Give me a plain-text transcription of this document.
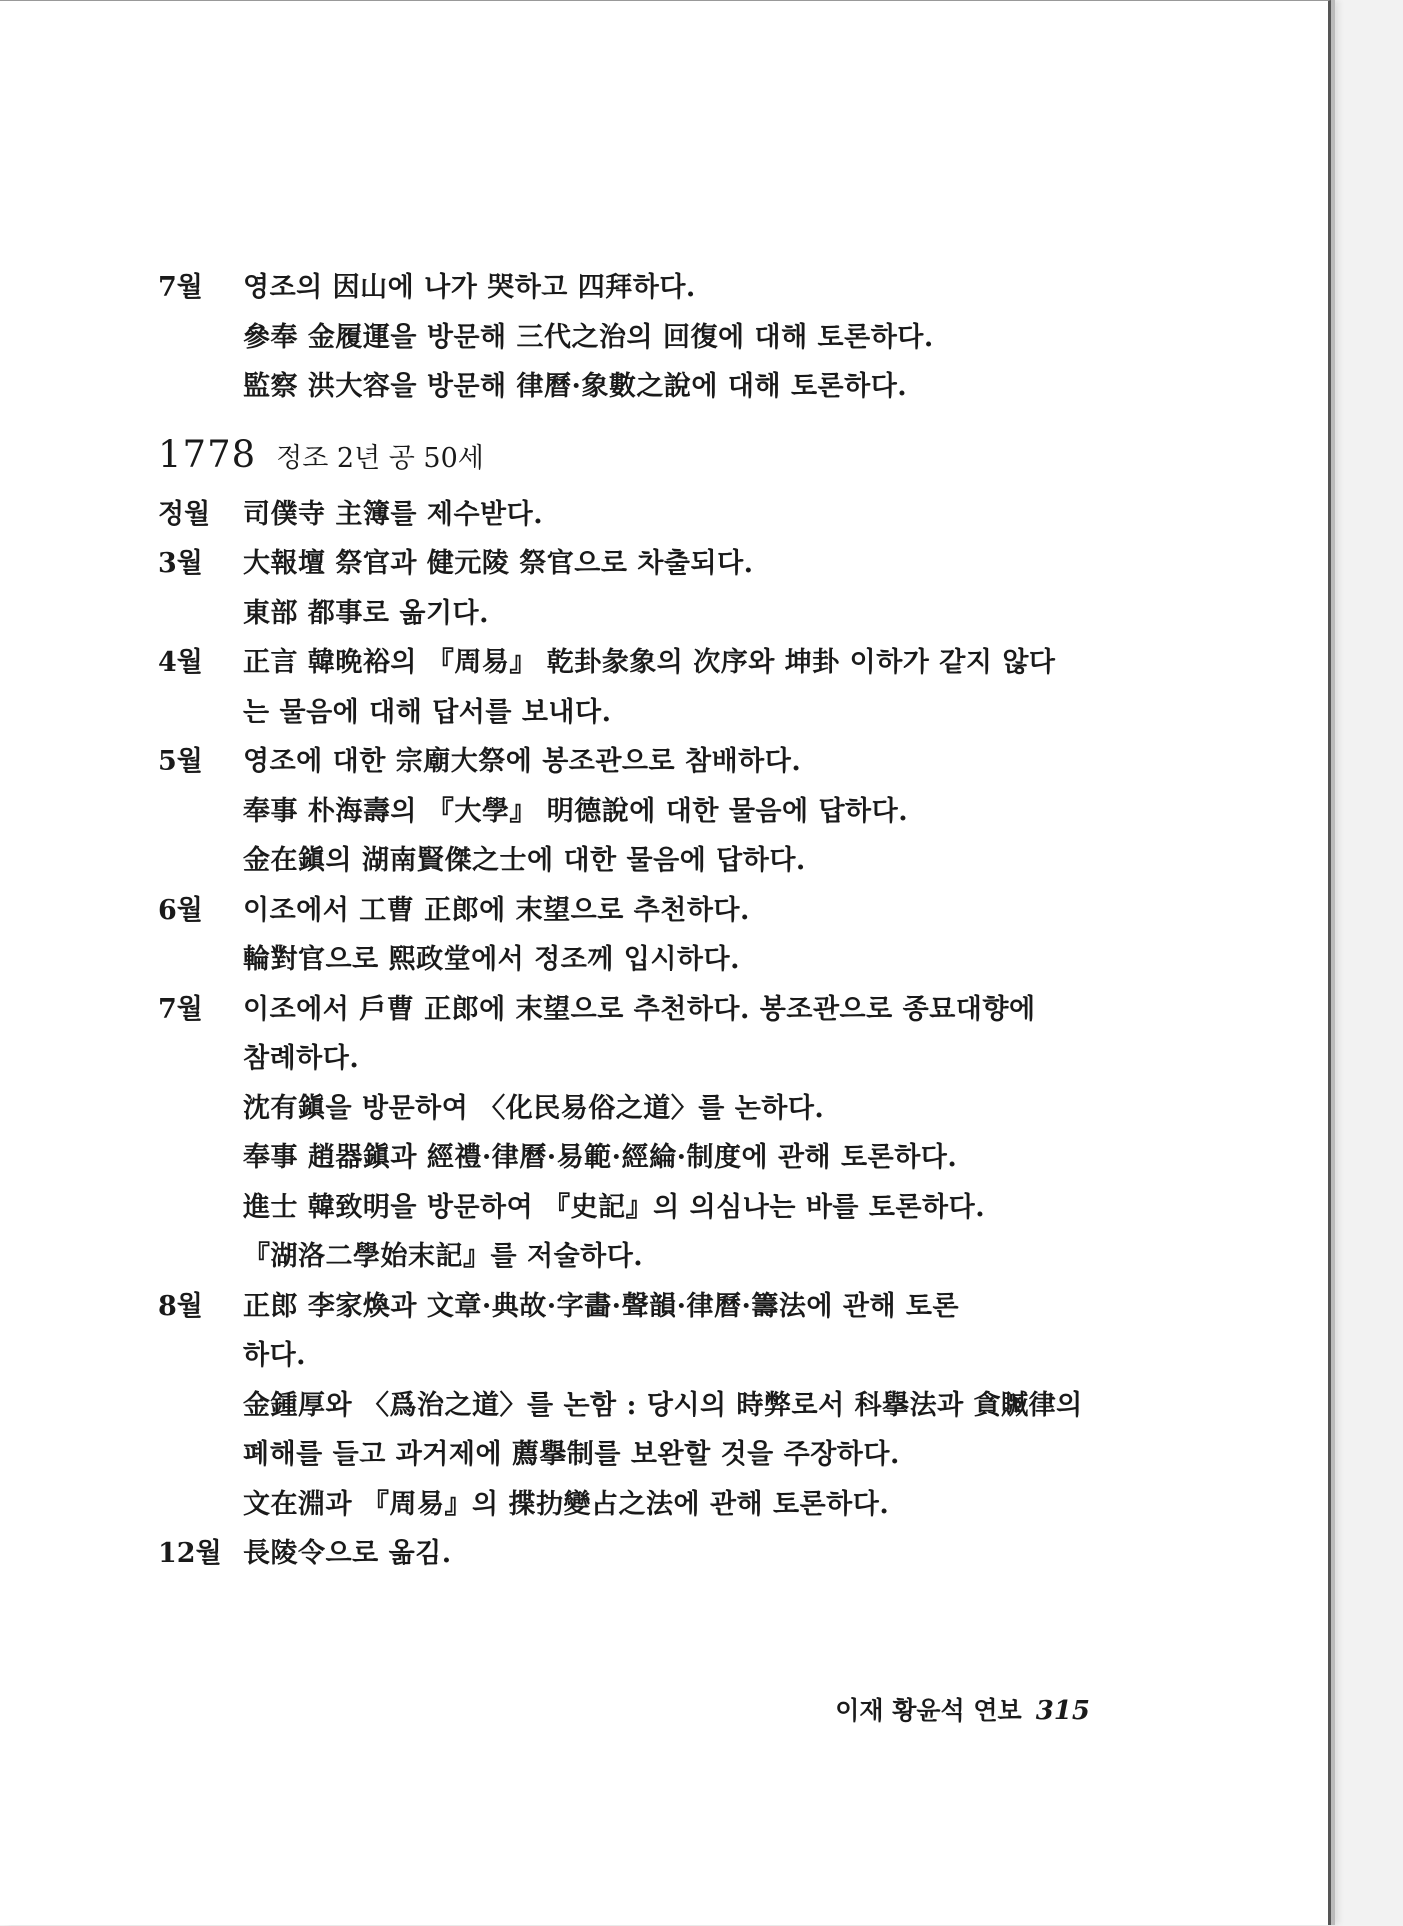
7월	영조의 因山에 나가 哭하고 四拜하다.
參奉 金履運을 방문해 三代之治의 回復에 대해 토론하다.
監察 洪大容을 방문해 律曆·象數之說에 대해 토론하다.
1778 정조 2년 공 50세
정월	司僕寺 主簿를 제수받다.
3월	大報壇 祭官과 健元陵 祭官으로 차출되다.
東部 都事로 옮기다.
4월	正言 韓晩裕의 『周易』 乾卦彖象의 次序와 坤卦 이하가 같지 않다
는 물음에 대해 답서를 보내다.
5월	영조에 대한 宗廟大祭에 봉조관으로 참배하다.
奉事 朴海壽의 『大學』 明德說에 대한 물음에 답하다.
金在鎭의 湖南賢傑之士에 대한 물음에 답하다.
6월	이조에서 工曹 正郎에 末望으로 추천하다.
輪對官으로 熙政堂에서 정조께 입시하다.
7월	이조에서 戶曹 正郎에 末望으로 추천하다. 봉조관으로 종묘대향에
참례하다.
沈有鎭을 방문하여 〈化民易俗之道〉를 논하다.
奉事 趙器鎭과 經禮·律曆·易範·經綸·制度에 관해 토론하다.
進士 韓致明을 방문하여 『史記』의 의심나는 바를 토론하다.
『湖洛二學始末記』를 저술하다.
8월	正郎 李家煥과 文章·典故·字畵·聲韻·律曆·籌法에 관해 토론
하다.
金鍾厚와 〈爲治之道〉를 논함 : 당시의 時弊로서 科擧法과 貪贓律의
폐해를 들고 과거제에 薦擧制를 보완할 것을 주장하다.
文在淵과 『周易』의 揲扐變占之法에 관해 토론하다.
12월 長陵令으로 옮김.
이재 황윤석 연보 315
